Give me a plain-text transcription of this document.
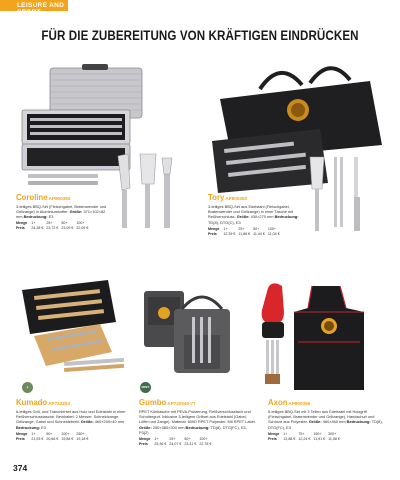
LEISURE AND SPORT
FÜR DIE ZUBEREITUNG VON KRÄFTIGEN EINDRÜCKEN
CorolineAP800384
3-teiliges BBQ-Set (Fleischgabel, Bratenwender und Grillzange) in Aluminiumkoffer. Größe: 371×102×82 mm Bedruckung: E3
Menge	1+	25+	50+	100+
Preis	24,38 €	23,72 €	23,09 €	22,09 €
ToryAP800350
3-teiliges BBQ-Set aus Edelstahl (Fleischgabel, Bratenwender und Grillzange) in einer Tasche mit Reißverschluss. Größe: 430×270 mm Bedruckung: TD(8), DTG(C), E3
Menge	1+	25+	50+	100+
Preis	12,39 €	11,86 €	11,44 €	11,04 €
●	RPET
KumadoAP722203
6-teiliges Grill- und Tranchierset aus Holz und Edelstahl in einer Reißverschlusstasche. Beinhaltet: 2 Messer, Schneidzange, Grillzange, Gabel und Schneidebrett. Größe: 460×200×40 mm Bedruckung: E3
Menge	1+	50+	100+	250+
Preis	21,93 €	20,66 €	19,88 €	19,18 €
GumboAP722540-77
RPET Kühltasche mit PEVA-Polsterung, Reißverschlussfach und Schultergurt. Inklusive 3-teiligem Grillset aus Edelstahl (Gabel, Löffel und Zange). Material: 600D RPET Polyester. Mit RPET Label. Größe: 250×380×200 mm Bedruckung: TD(8), DTG(FC), E3, P3(2)
Menge	1+	25+	50+	100+
Preis	25,36 €	24,07 €	23,41 €	22,78 €
AxonAP800359
5-teiliges BBQ-Set mit 3 Teilen aus Edelstahl mit Holzgriff (Fleischgabel, Bratenwender und Grillzange), Handschuh und Schürze aus Polyester. Größe: 460×460 mm Bedruckung: TD(8), DTG(FC), E3
Menge	1+	75+	150+	300+
Preis	12,88 €	12,24 €	11,91 €	11,58 €
374
